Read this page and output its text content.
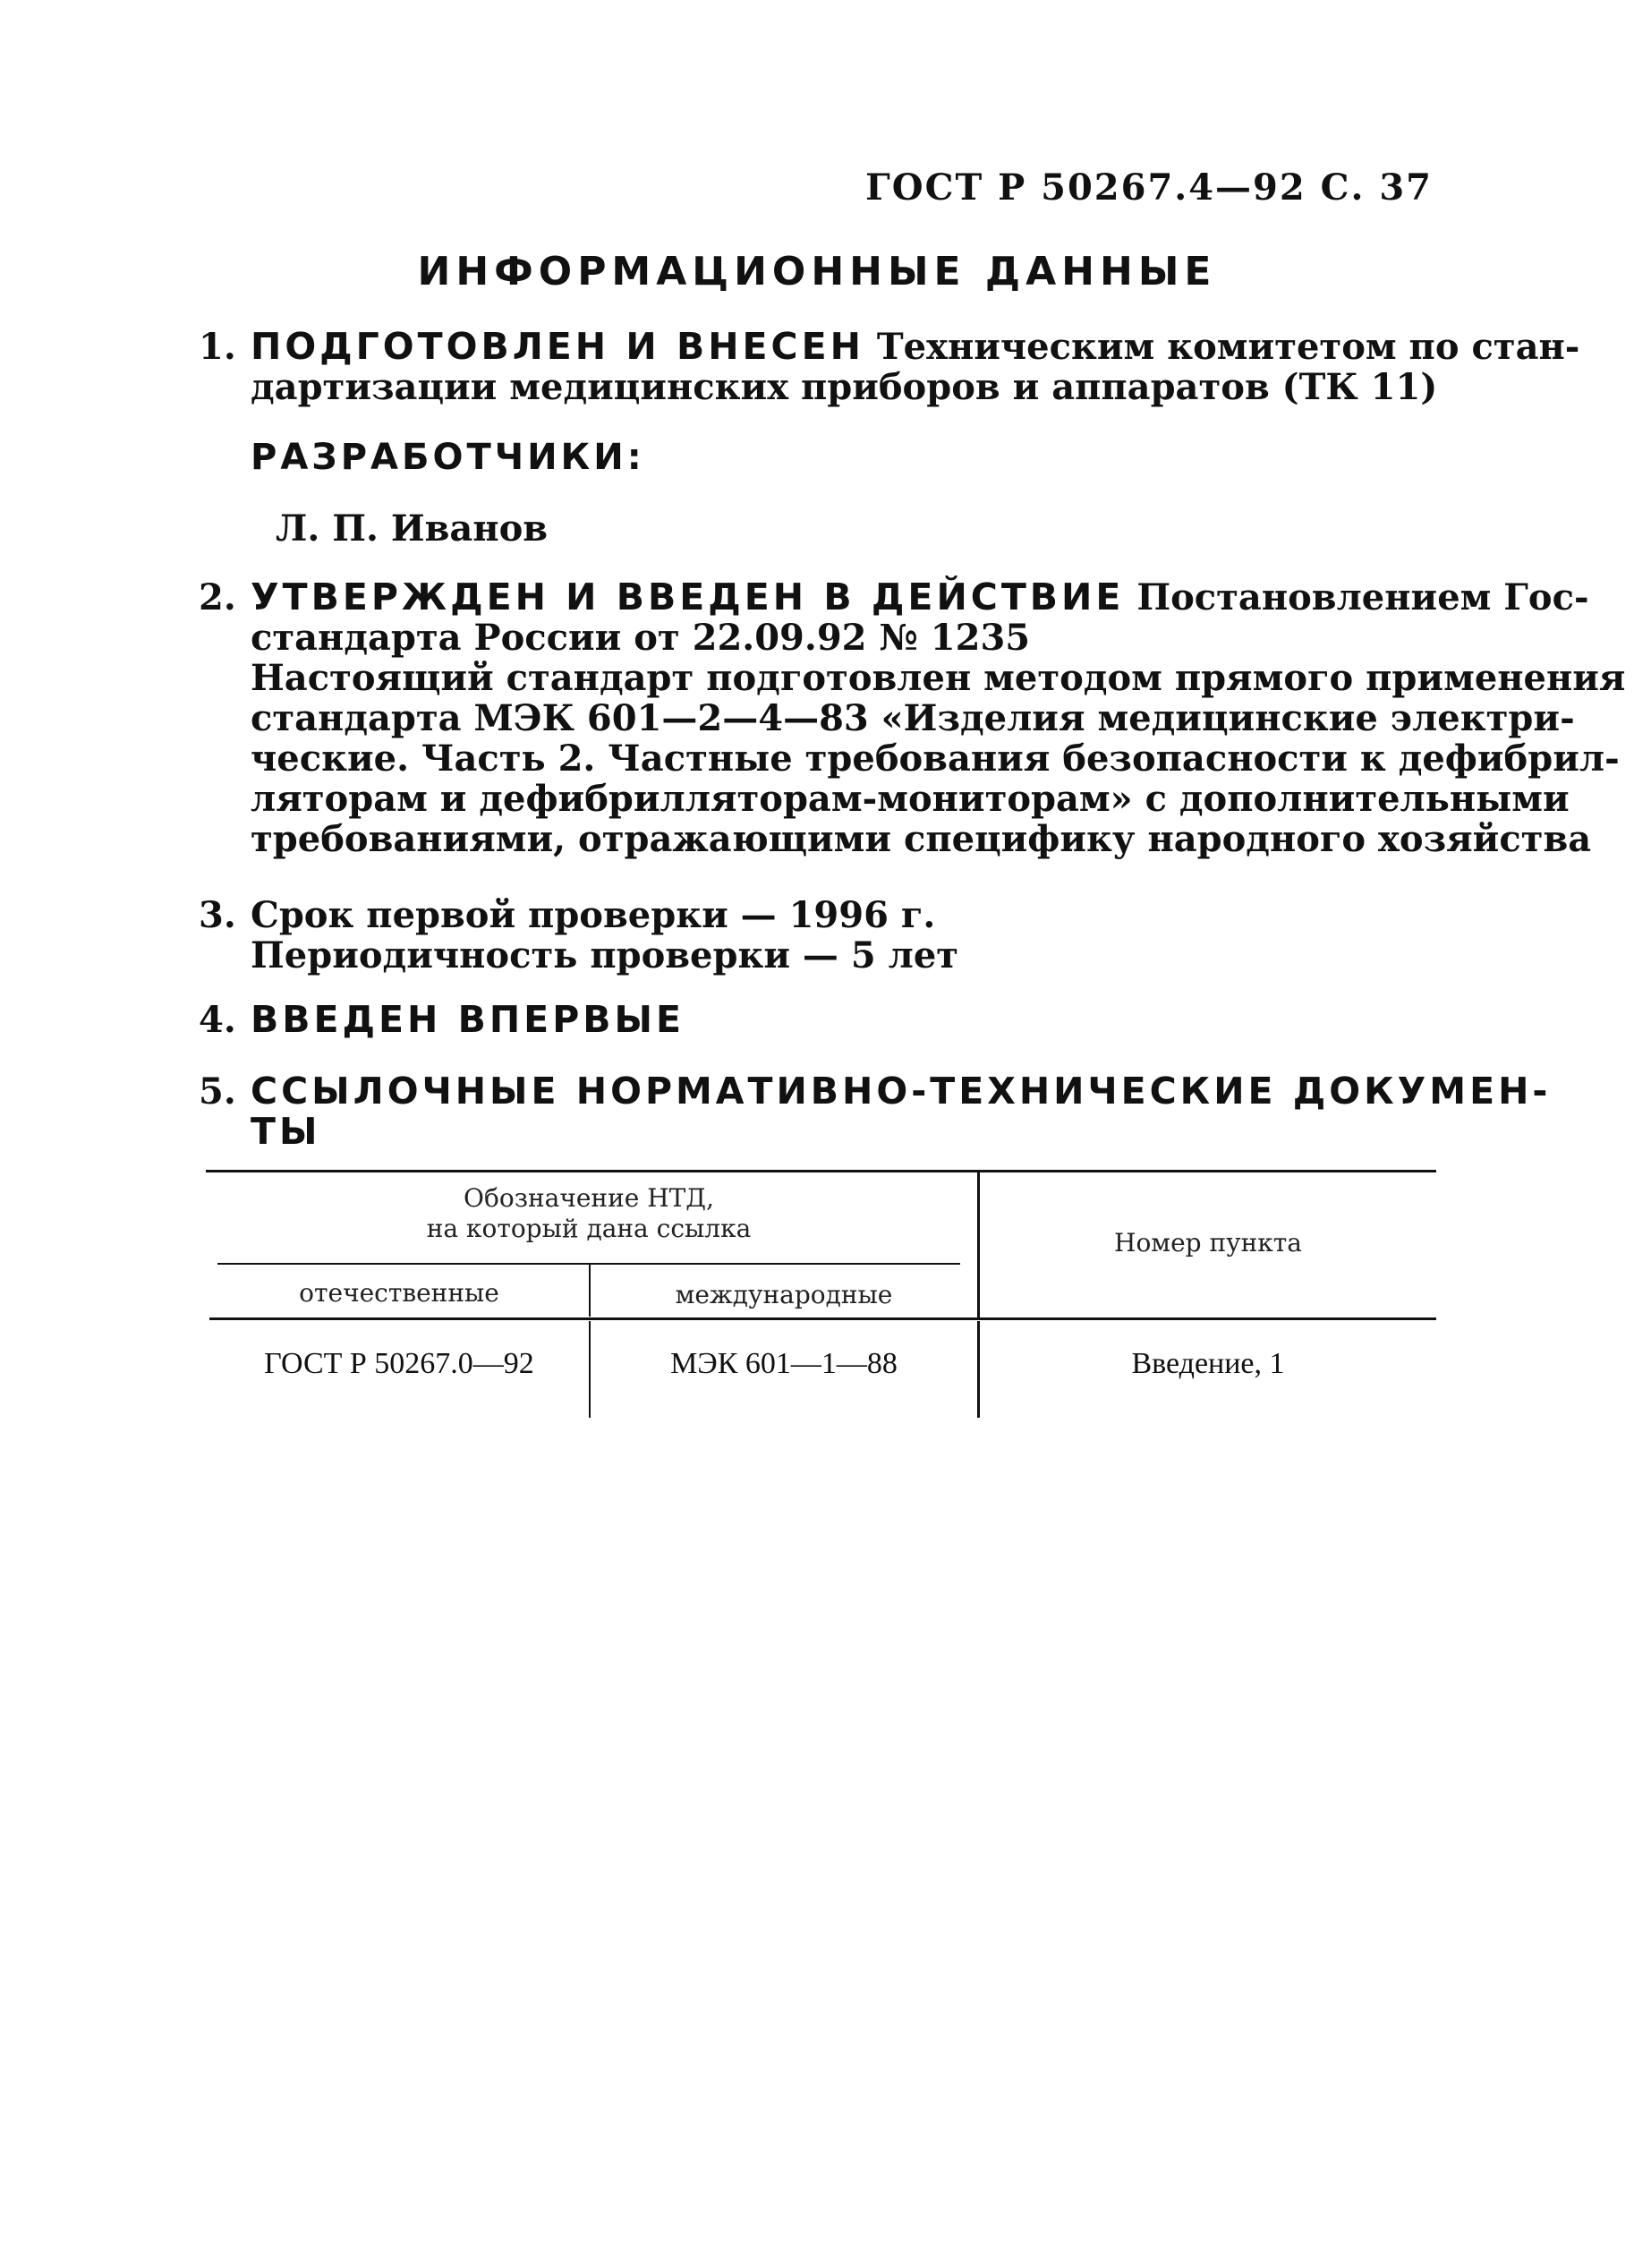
ГОСТ Р 50267.4—92 С. 37
ИНФОРМАЦИОННЫЕ ДАННЫЕ
1. ПОДГОТОВЛЕН И ВНЕСЕН Техническим комитетом по стан-
дартизации медицинских приборов и аппаратов (ТК 11)
РАЗРАБОТЧИКИ:
Л. П. Иванов
2. УТВЕРЖДЕН И ВВЕДЕН В ДЕЙСТВИЕ Постановлением Гос-
стандарта России от 22.09.92 № 1235
Настоящий стандарт подготовлен методом прямого применения
стандарта МЭК 601—2—4—83 «Изделия медицинские электри-
ческие. Часть 2. Частные требования безопасности к дефибрил-
ляторам и дефибрилляторам-мониторам» с дополнительными
требованиями, отражающими специфику народного хозяйства
3. Срок первой проверки — 1996 г.
Периодичность проверки — 5 лет
4. ВВЕДЕН ВПЕРВЫЕ
5. ССЫЛОЧНЫЕ НОРМАТИВНО-ТЕХНИЧЕСКИЕ ДОКУМЕН-
ТЫ
Обозначение НТД,
на который дана ссылка
отечественные	международные
Номер пункта
ГОСТ Р 50267.0—92	МЭК 601—1—88	Введение, 1
